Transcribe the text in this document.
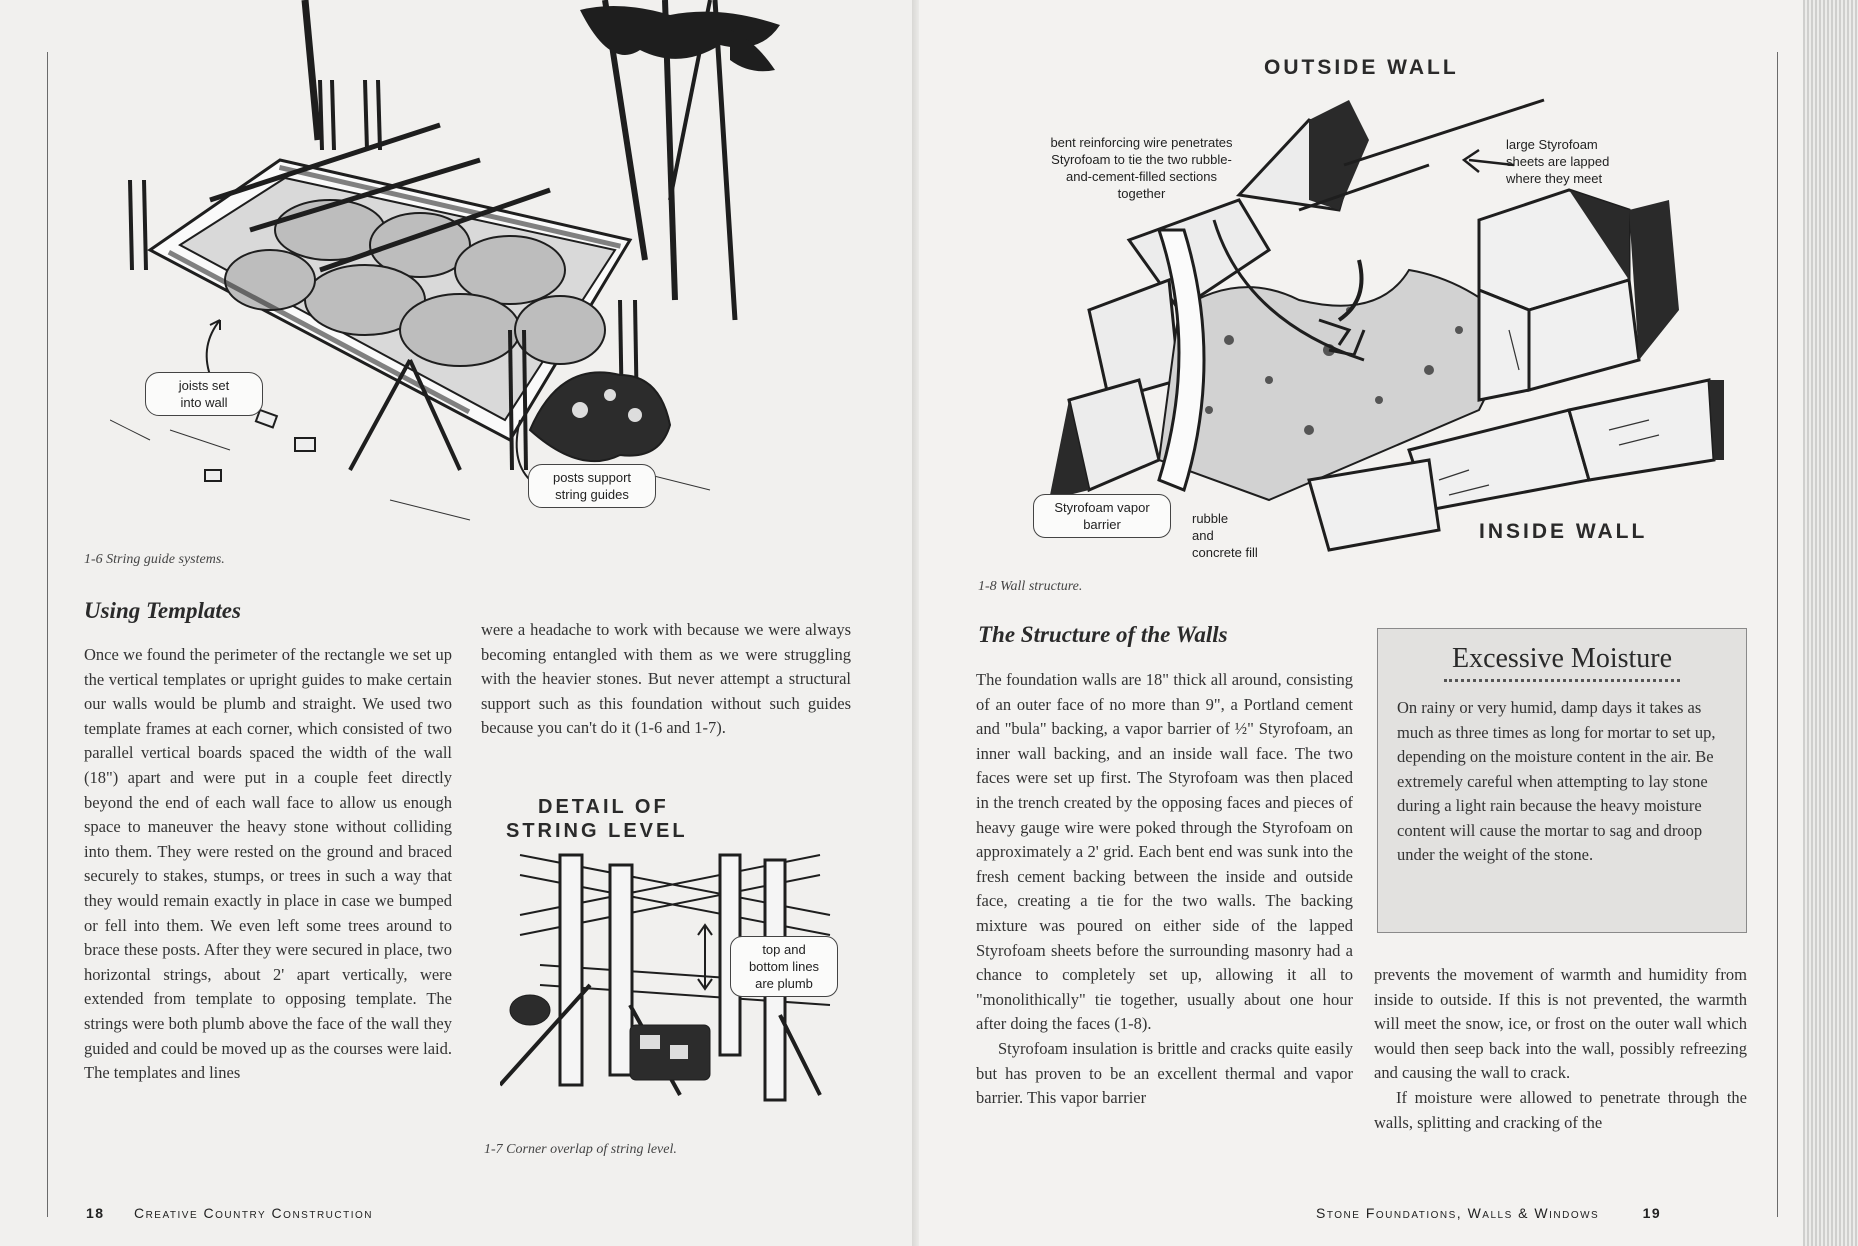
joists set
into wall
posts support
string guides
1-6 String guide systems.
Using Templates

Once we found the perimeter of the rectangle we set up the vertical templates or upright guides to make certain our walls would be plumb and straight. We used two template frames at each corner, which consisted of two parallel vertical boards spaced the width of the wall (18") apart and were put in a couple feet directly beyond the end of each wall face to allow us enough space to maneuver the heavy stone without colliding into them. They were rested on the ground and braced securely to stakes, stumps, or trees in such a way that they would remain exactly in place in case we bumped or fell into them. We even left some trees around to brace these posts. After they were secured in place, two horizontal strings, about 2' apart vertically, were extended from template to opposing template. The strings were both plumb above the face of the wall they guided and could be moved up as the courses were laid. The templates and lines

were a headache to work with because we were always becoming entangled with them as we were struggling with the heavier stones. But never attempt a structural support such as this foundation without such guides because you can't do it (1-6 and 1-7).

DETAIL OF
STRING LEVEL
top and
bottom lines
are plumb
1-7 Corner overlap of string level.
18 Creative Country Construction
OUTSIDE WALL
bent reinforcing wire penetrates
Styrofoam to tie the two rubble-
and-cement-filled sections
together
large Styrofoam
sheets are lapped
where they meet
Styrofoam vapor
barrier	rubble
and
concrete fill
INSIDE WALL
1-8 Wall structure.
The Structure of the Walls

The foundation walls are 18" thick all around, consisting of an outer face of no more than 9", a Portland cement and "bula" backing, a vapor barrier of ½" Styrofoam, an inner wall backing, and an inside wall face. The two faces were set up first. The Styrofoam was then placed in the trench created by the opposing faces and pieces of heavy gauge wire were poked through the Styrofoam on approximately a 2' grid. Each bent end was sunk into the fresh cement backing between the inside and outside face, creating a tie for the two walls. The backing mixture was poured on either side of the lapped Styrofoam sheets before the surrounding masonry had a chance to completely set up, allowing it all to "monolithically" tie together, usually about one hour after doing the faces (1-8).

Styrofoam insulation is brittle and cracks quite easily but has proven to be an excellent thermal and vapor barrier. This vapor barrier

Excessive Moisture

On rainy or very humid, damp days it takes as much as three times as long for mortar to set up, depending on the moisture content in the air. Be extremely careful when attempting to lay stone during a light rain because the heavy moisture content will cause the mortar to sag and droop under the weight of the stone.

prevents the movement of warmth and humidity from inside to outside. If this is not prevented, the warmth will meet the snow, ice, or frost on the outer wall which would then seep back into the wall, possibly refreezing and causing the wall to crack.

If moisture were allowed to penetrate through the walls, splitting and cracking of the

Stone Foundations, Walls & Windows	19
